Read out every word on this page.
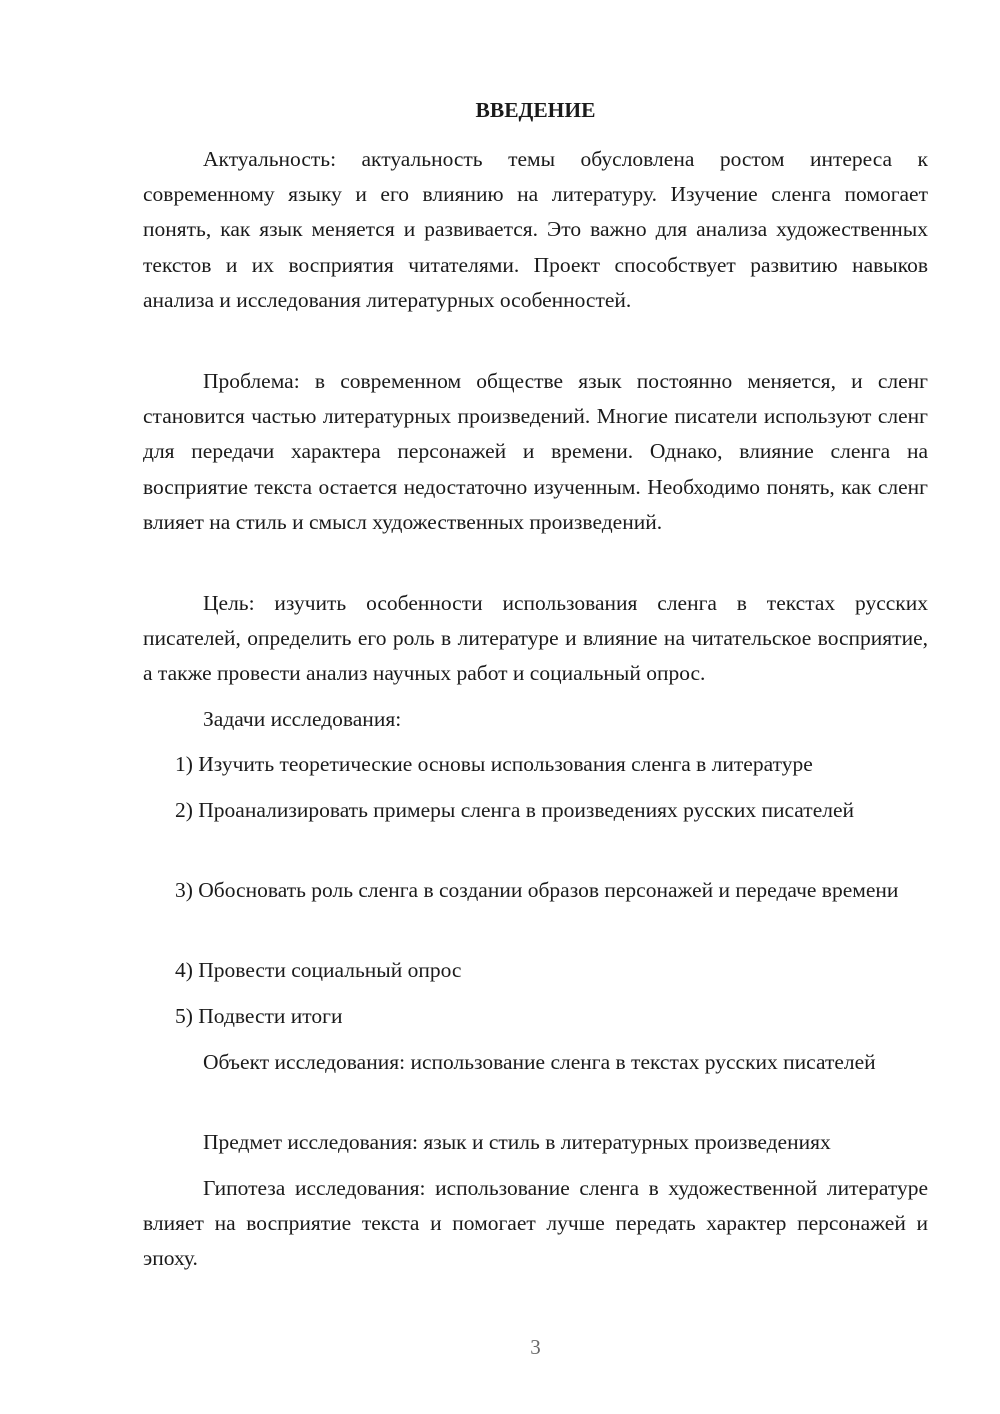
ВВЕДЕНИЕ

Актуальность: актуальность темы обусловлена ростом интереса к современному языку и его влиянию на литературу. Изучение сленга помогает понять, как язык меняется и развивается. Это важно для анализа художественных текстов и их восприятия читателями. Проект способствует развитию навыков анализа и исследования литературных особенностей.

Проблема: в современном обществе язык постоянно меняется, и сленг становится частью литературных произведений. Многие писатели используют сленг для передачи характера персонажей и времени. Однако, влияние сленга на восприятие текста остается недостаточно изученным. Необходимо понять, как сленг влияет на стиль и смысл художественных произведений.

Цель: изучить особенности использования сленга в текстах русских писателей, определить его роль в литературе и влияние на читательское восприятие, а также провести анализ научных работ и социальный опрос.

Задачи исследования:

1) Изучить теоретические основы использования сленга в литературе

2) Проанализировать примеры сленга в произведениях русских писателей

3) Обосновать роль сленга в создании образов персонажей и передаче времени

4) Провести социальный опрос

5) Подвести итоги

Объект исследования: использование сленга в текстах русских писателей

Предмет исследования: язык и стиль в литературных произведениях

Гипотеза исследования: использование сленга в художественной литературе влияет на восприятие текста и помогает лучше передать характер персонажей и эпоху.

3
